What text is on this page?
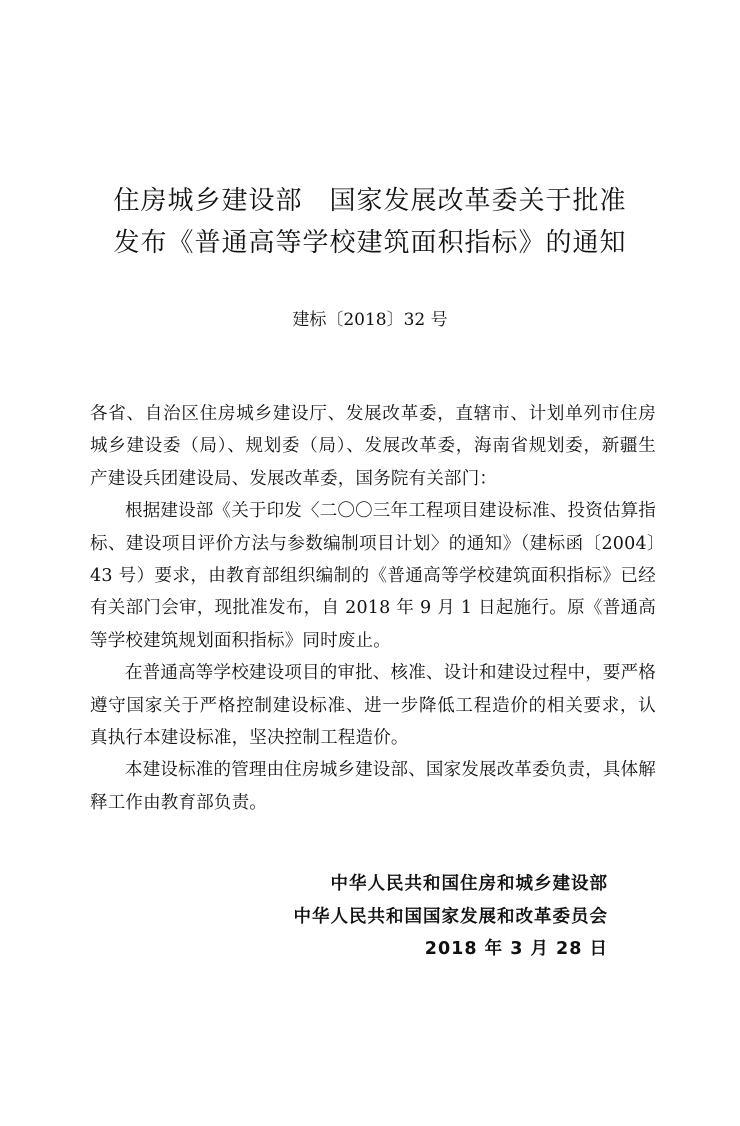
住房城乡建设部　国家发展改革委关于批准
发布《普通高等学校建筑面积指标》的通知
建标〔2018〕32 号

各省、自治区住房城乡建设厅、发展改革委，直辖市、计划单列市住房城乡建设委（局）、规划委（局）、发展改革委，海南省规划委，新疆生产建设兵团建设局、发展改革委，国务院有关部门：

根据建设部《关于印发〈二〇〇三年工程项目建设标准、投资估算指标、建设项目评价方法与参数编制项目计划〉的通知》（建标函〔2004〕43 号）要求，由教育部组织编制的《普通高等学校建筑面积指标》已经有关部门会审，现批准发布，自 2018 年 9 月 1 日起施行。原《普通高等学校建筑规划面积指标》同时废止。

在普通高等学校建设项目的审批、核准、设计和建设过程中，要严格遵守国家关于严格控制建设标准、进一步降低工程造价的相关要求，认真执行本建设标准，坚决控制工程造价。

本建设标准的管理由住房城乡建设部、国家发展改革委负责，具体解释工作由教育部负责。

中华人民共和国住房和城乡建设部
中华人民共和国国家发展和改革委员会
2018 年 3 月 28 日
